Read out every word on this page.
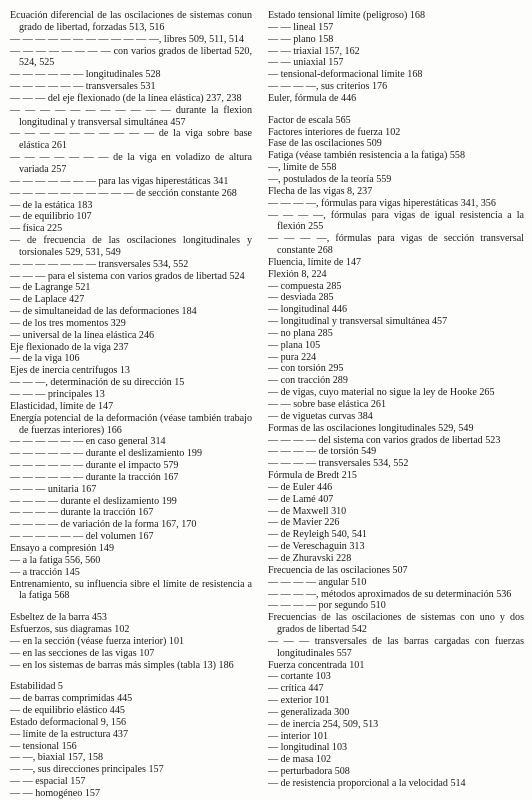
Ecuación diferencial de las oscilaciones de sistemas conun grado de libertad, forzadas 513, 516

— — — — — — — — — — — —, libres 509, 511, 514

— — — — — — — — con varios grados de libertad 520, 524, 525

— — — — — — longitudinales 528

— — — — — — transversales 531

— — — del eje flexionado (de la línea elástica) 237, 238

— — — — — — — — — — — durante la flexion longitudinal y transversal simultánea 457

— — — — — — — — — — de la viga sobre base elástica 261

— — — — — — — de la viga en voladizo de altura variada 257

— — — — — — — para las vigas hiperestáticas 341

— — — — — — — — — — de sección constante 268

— de la estática 183

— de equilibrio 107

— física 225

— de frecuencia de las oscilaciones longitudinales y torsionales 529, 531, 549

— — — — — — — transversales 534, 552

— — — para el sistema con varios grados de libertad 524

— de Lagrange 521

— de Laplace 427

— de simultaneidad de las deformaciones 184

— de los tres momentos 329

— universal de la línea elástica 246

Eje flexionado de la viga 237

— de la viga 106

Ejes de inercia centrífugos 13

— — —, determinación de su dirección 15

— — — principales 13

Elasticidad, límite de 147

Energía potencial de la deformación (véase también trabajo de fuerzas interiores) 166

— — — — — — en caso general 314

— — — — — — durante el deslizamiento 199

— — — — — — durante el impacto 579

— — — — — — durante la tracción 167

— — — unitaria 167

— — — — durante el deslizamiento 199

— — — — durante la tracción 167

— — — — de variación de la forma 167, 170

— — — — — — del volumen 167

Ensayo a compresión 149

— a la fatiga 556, 560

— a tracción 145

Entrenamiento, su influencia sibre el límite de resistencia a la fatiga 568

Esbeltez de la barra 453

Esfuerzos, sus diagramas 102

— en la sección (véase fuerza interior) 101

— en las secciones de las vigas 107

— en los sistemas de barras más simples (tabla 13) 186

Estabilidad 5

— de barras comprimidas 445

— de equilibrio elástico 445

Estado deformacional 9, 156

— límite de la estructura 437

— tensional 156

— —, biaxial 157, 158

— —, sus direcciones principales 157

— — espacial 157

— — homogéneo 157

Estado tensional límite (peligroso) 168

— — lineal 157

— — plano 158

— — triaxial 157, 162

— — uniaxial 157

— tensional-deformacional límite 168

— — — —, sus criterios 176

Euler, fórmula de 446

Factor de escala 565

Factores interiores de fuerza 102

Fase de las oscilaciones 509

Fatiga (véase también resistencia a la fatiga) 558

—, límite de 558

—, postulados de la teoría 559

Flecha de las vigas 8, 237

— — — —, fórmulas para vigas hiperestáticas 341, 356

— — — —, fórmulas para vigas de igual resistencia a la flexión 255

— — — —, fórmulas para vigas de sección transversal constante 268

Fluencia, límite de 147

Flexión 8, 224

— compuesta 285

— desviada 285

— longitudinal 446

— longitudinal y transversal simultánea 457

— no plana 285

— plana 105

— pura 224

— con torsión 295

— con tracción 289

— de vigas, cuyo material no sigue la ley de Hooke 265

— — sobre base elástica 261

— de viguetas curvas 384

Formas de las oscilaciones longitudinales 529, 549

— — — — del sistema con varios grados de libertad 523

— — — — de torsión 549

— — — — transversales 534, 552

Fórmula de Bredt 215

— de Euler 446

— de Lamé 407

— de Maxwell 310

— de Mavier 226

— de Reyleigh 540, 541

— de Vereschaguin 313

— de Zhuravski 228

Frecuencia de las oscilaciones 507

— — — — angular 510

— — — —, métodos aproximados de su determinación 536

— — — — por segundo 510

Frecuencias de las oscilaciones de sistemas con uno y dos grados de libertad 542

— — — transversales de las barras cargadas con fuerzas longitudinales 557

Fuerza concentrada 101

— cortante 103

— crítica 447

— exterior 101

— generalizada 300

— de inercia 254, 509, 513

— interior 101

— longitudinal 103

— de masa 102

— perturbadora 508

— de resistencia proporcional a la velocidad 514
